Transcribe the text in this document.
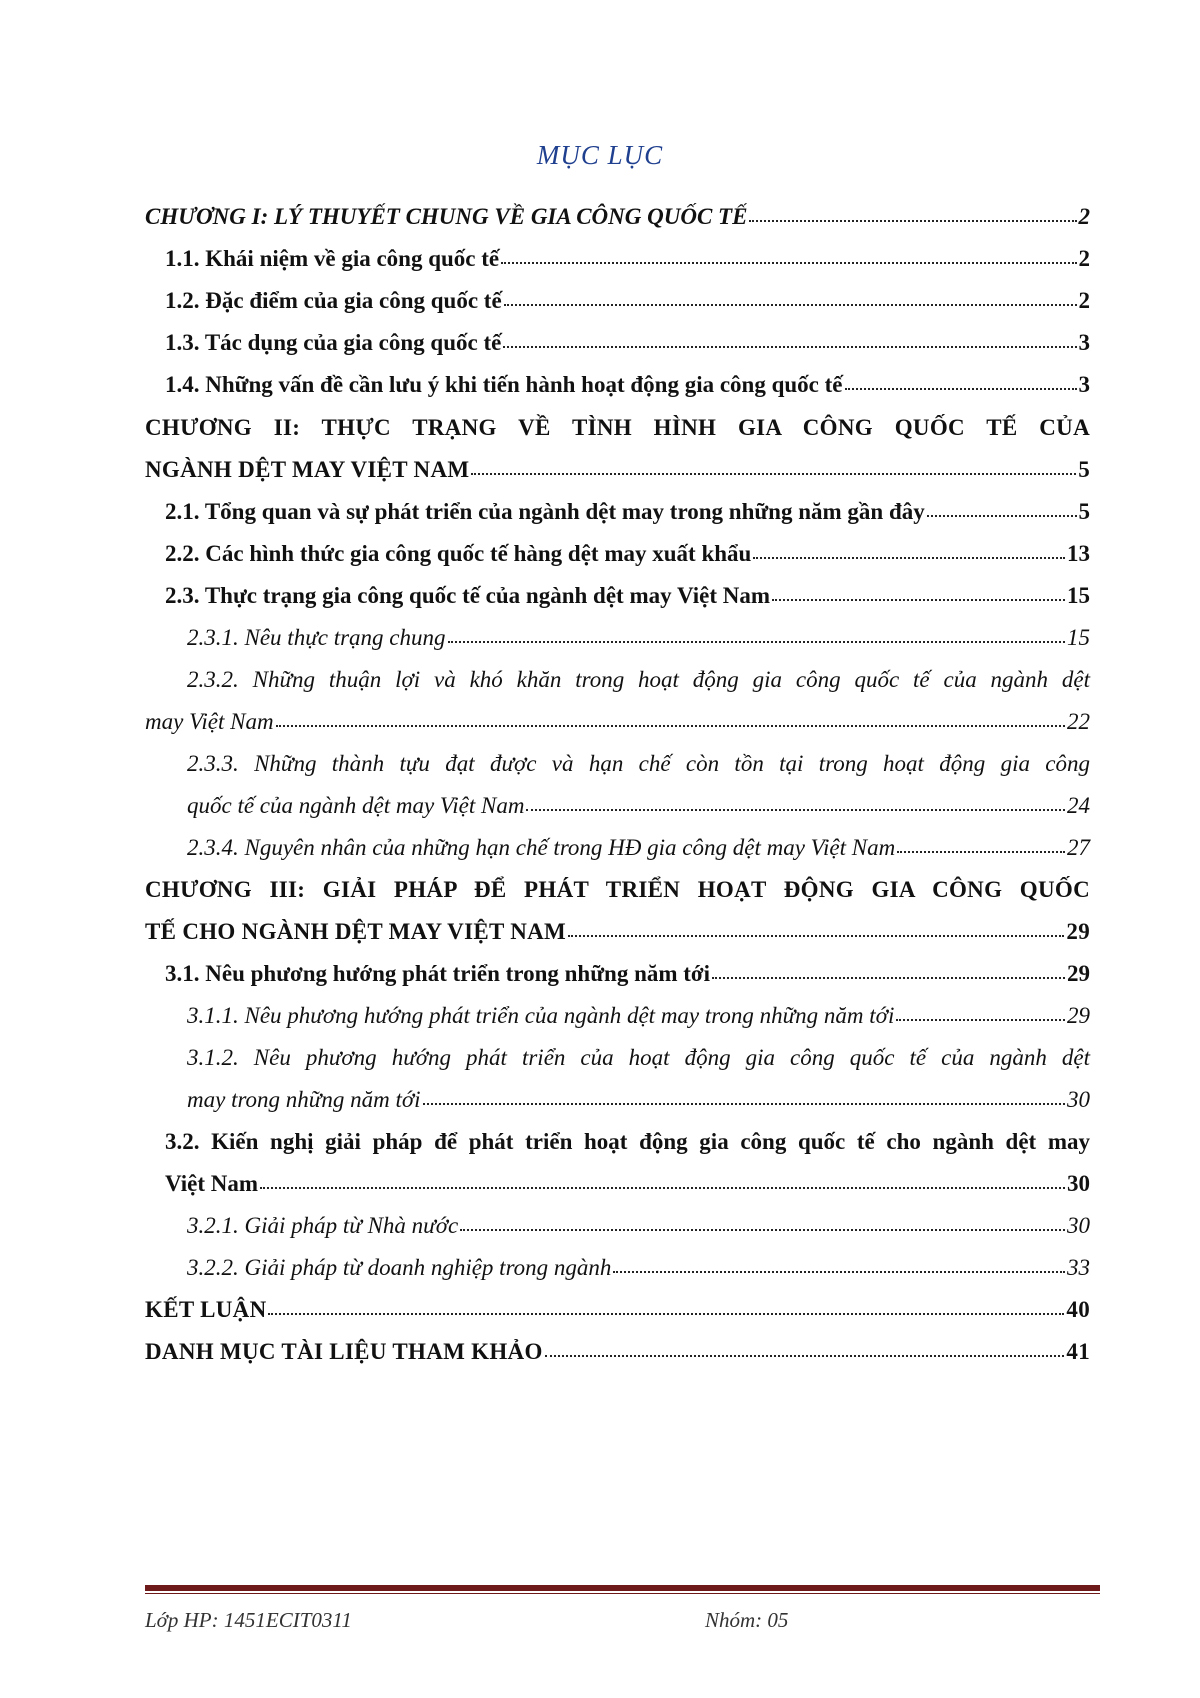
MỤC LỤC
CHƯƠNG I: LÝ THUYẾT CHUNG VỀ GIA CÔNG QUỐC TẾ	2
1.1. Khái niệm về gia công quốc tế	2
1.2. Đặc điểm của gia công quốc tế	2
1.3. Tác dụng của gia công quốc tế	3
1.4. Những vấn đề cần lưu ý khi tiến hành hoạt động gia công quốc tế	3
CHƯƠNG II: THỰC TRẠNG VỀ TÌNH HÌNH GIA CÔNG QUỐC TẾ CỦA
NGÀNH DỆT MAY VIỆT NAM	5
2.1. Tổng quan và sự phát triển của ngành dệt may trong những năm gần đây	5
2.2. Các hình thức gia công quốc tế hàng dệt may xuất khẩu	13
2.3. Thực trạng gia công quốc tế của ngành dệt may Việt Nam	15
2.3.1. Nêu thực trạng chung	15
2.3.2. Những thuận lợi và khó khăn trong hoạt động gia công quốc tế của ngành dệt
may Việt Nam	22
2.3.3. Những thành tựu đạt được và hạn chế còn tồn tại trong hoạt động gia công
quốc tế của ngành dệt may Việt Nam	24
2.3.4. Nguyên nhân của những hạn chế trong HĐ gia công dệt may Việt Nam	27
CHƯƠNG III: GIẢI PHÁP ĐỂ PHÁT TRIỂN HOẠT ĐỘNG GIA CÔNG QUỐC
TẾ CHO NGÀNH DỆT MAY VIỆT NAM	29
3.1. Nêu phương hướng phát triển trong những năm tới	29
3.1.1. Nêu phương hướng phát triển của ngành dệt may trong những năm tới	29
3.1.2. Nêu phương hướng phát triển của hoạt động gia công quốc tế của ngành dệt
may trong những năm tới	30
3.2. Kiến nghị giải pháp để phát triển hoạt động gia công quốc tế cho ngành dệt may
Việt Nam	30
3.2.1. Giải pháp từ Nhà nước	30
3.2.2. Giải pháp từ doanh nghiệp trong ngành	33
KẾT LUẬN	40
DANH MỤC TÀI LIỆU THAM KHẢO	41
Lớp HP: 1451ECIT0311	Nhóm: 05
